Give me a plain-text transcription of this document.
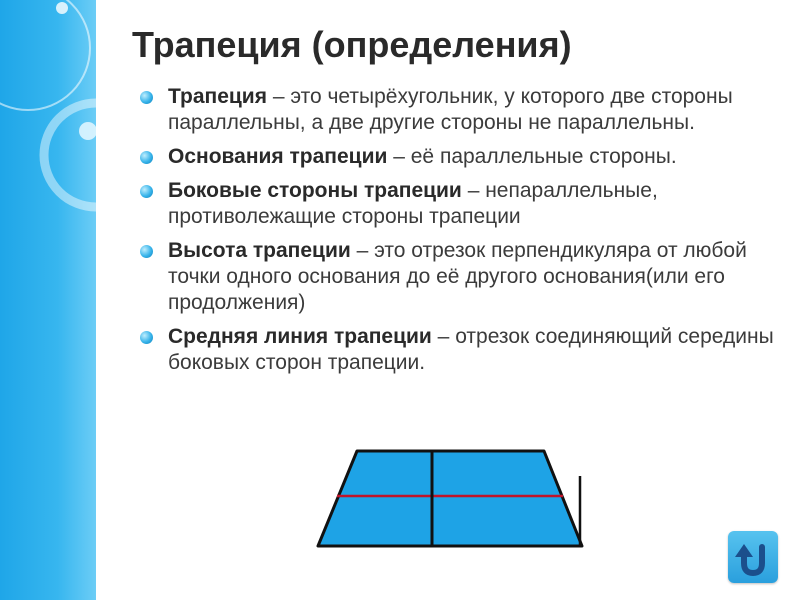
Трапеция (определения)
Трапеция – это четырёхугольник, у которого две стороны параллельны, а две другие стороны не параллельны.
Основания трапеции – её параллельные стороны.
Боковые стороны трапеции – непараллельные, противолежащие стороны трапеции
Высота трапеции – это отрезок перпендикуляра от любой точки одного основания до её другого основания(или его продолжения)
Средняя линия трапеции – отрезок соединяющий середины боковых сторон трапеции.
